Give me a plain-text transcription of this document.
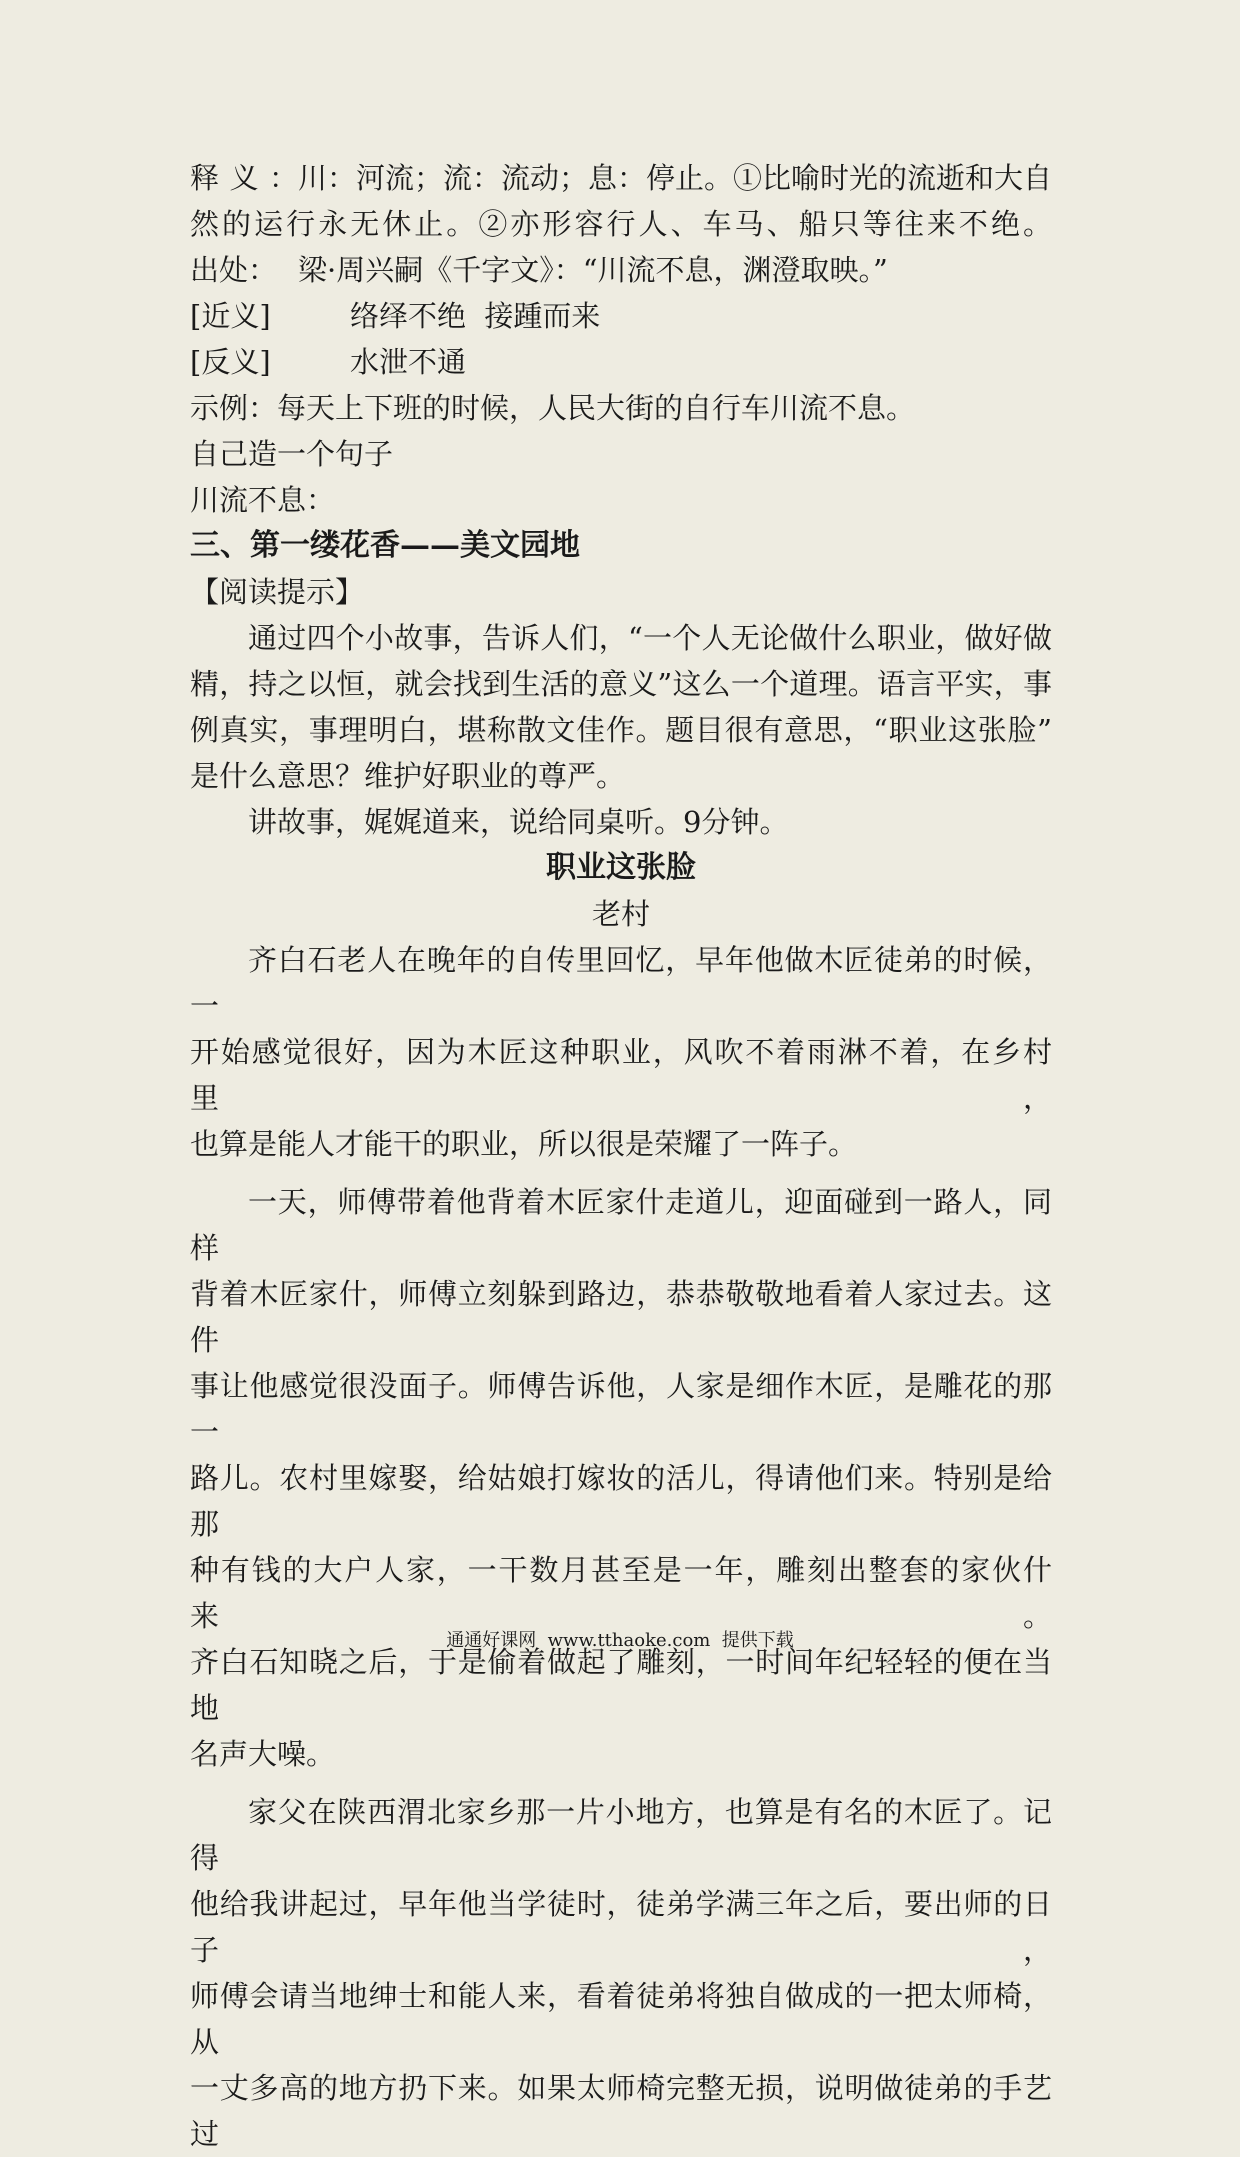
释义：川：河流；流：流动；息：停止。①比喻时光的流逝和大自
然的运行永无休止。②亦形容行人、车马、船只等往来不绝。
出处： 梁·周兴嗣《千字文》：“川流不息，渊澄取映。”
[近义]	络绎不绝  接踵而来
[反义]	水泄不通
示例：每天上下班的时候，人民大街的自行车川流不息。
自己造一个句子
川流不息：
三、第一缕花香——美文园地
【阅读提示】
通过四个小故事，告诉人们，“一个人无论做什么职业，做好做
精，持之以恒，就会找到生活的意义”这么一个道理。语言平实，事
例真实，事理明白，堪称散文佳作。题目很有意思，“职业这张脸”
是什么意思？维护好职业的尊严。
讲故事，娓娓道来，说给同桌听。9分钟。
职业这张脸
老村
齐白石老人在晚年的自传里回忆，早年他做木匠徒弟的时候，一
开始感觉很好，因为木匠这种职业，风吹不着雨淋不着，在乡村里，
也算是能人才能干的职业，所以很是荣耀了一阵子。
一天，师傅带着他背着木匠家什走道儿，迎面碰到一路人，同样
背着木匠家什，师傅立刻躲到路边，恭恭敬敬地看着人家过去。这件
事让他感觉很没面子。师傅告诉他，人家是细作木匠，是雕花的那一
路儿。农村里嫁娶，给姑娘打嫁妆的活儿，得请他们来。特别是给那
种有钱的大户人家，一干数月甚至是一年，雕刻出整套的家伙什来。
齐白石知晓之后，于是偷着做起了雕刻，一时间年纪轻轻的便在当地
名声大噪。
家父在陕西渭北家乡那一片小地方，也算是有名的木匠了。记得
他给我讲起过，早年他当学徒时，徒弟学满三年之后，要出师的日子，
师傅会请当地绅士和能人来，看着徒弟将独自做成的一把太师椅，从
一丈多高的地方扔下来。如果太师椅完整无损，说明做徒弟的手艺过
通通好课网  www.tthaoke.com  提供下载
